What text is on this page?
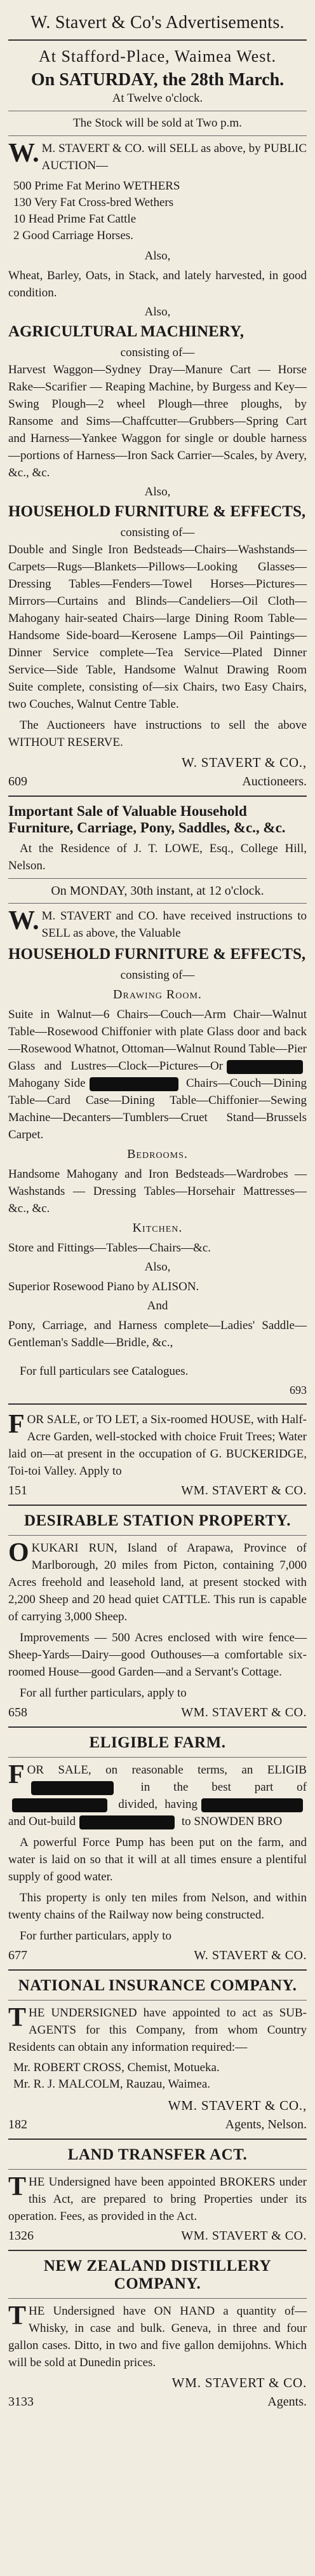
W. Stavert & Co's Advertisements.
At Stafford-Place, Waimea West.
On SATURDAY, the 28th March.
At Twelve o'clock.
The Stock will be sold at Two p.m.

W.M. STAVERT & CO. will SELL as above, by PUBLIC AUCTION—

500 Prime Fat Merino WETHERS
130 Very Fat Cross-bred Wethers
10 Head Prime Fat Cattle
2 Good Carriage Horses.
Also,

Wheat, Barley, Oats, in Stack, and lately harvested, in good condition.

Also,
AGRICULTURAL MACHINERY,
consisting of—

Harvest Waggon—Sydney Dray—Manure Cart — Horse Rake—Scarifier — Reaping Machine, by Burgess and Key—Swing Plough—2 wheel Plough—three ploughs, by Ransome and Sims—Chaffcutter—Grubbers—Spring Cart and Harness—Yankee Waggon for single or double harness—portions of Harness—Iron Sack Carrier—Scales, by Avery, &c., &c.

Also,
HOUSEHOLD FURNITURE & EFFECTS,
consisting of—

Double and Single Iron Bedsteads—Chairs—Washstands—Carpets—Rugs—Blankets—Pillows—Looking Glasses—Dressing Tables—Fenders—Towel Horses—Pictures—Mirrors—Curtains and Blinds—Candeliers—Oil Cloth—Mahogany hair-seated Chairs—large Dining Room Table—Handsome Side-board—Kerosene Lamps—Oil Paintings—Dinner Service complete—Tea Service—Plated Dinner Service—Side Table, Handsome Walnut Drawing Room Suite complete, consisting of—six Chairs, two Easy Chairs, two Couches, Walnut Centre Table.

The Auctioneers have instructions to sell the above WITHOUT RESERVE.

W. STAVERT & CO.,
609	Auctioneers.
Important Sale of Valuable Household Furniture, Carriage, Pony, Saddles, &c., &c.

At the Residence of J. T. LOWE, Esq., College Hill, Nelson.

On MONDAY, 30th instant, at 12 o'clock.

W.M. STAVERT and CO. have received instructions to SELL as above, the Valuable

HOUSEHOLD FURNITURE & EFFECTS,
consisting of—
Drawing Room.

Suite in Walnut—6 Chairs—Couch—Arm Chair—Walnut Table—Rosewood Chiffonier with plate Glass door and back—Rosewood Whatnot, Ottoman—Walnut Round Table—Pier Glass and Lustres—Clock—Pictures—Or Mahogany Side	Chairs—Couch—Dining Table—Card Case—Dining Table—Chiffonier—Sewing Machine—Decanters—Tumblers—Cruet Stand—Brussels Carpet.

Bedrooms.

Handsome Mahogany and Iron Bedsteads—Wardrobes — Washstands — Dressing Tables—Horsehair Mattresses—&c., &c.

Kitchen.

Store and Fittings—Tables—Chairs—&c.

Also,

Superior Rosewood Piano by ALISON.

And

Pony, Carriage, and Harness complete—Ladies' Saddle—Gentleman's Saddle—Bridle, &c.,

For full particulars see Catalogues.

693

FOR SALE, or TO LET, a Six-roomed HOUSE, with Half-Acre Garden, well-stocked with choice Fruit Trees; Water laid on—at present in the occupation of G. BUCKERIDGE, Toi-toi Valley. Apply to

151	WM. STAVERT & CO.
DESIRABLE STATION PROPERTY.

OKUKARI RUN, Island of Arapawa, Province of Marlborough, 20 miles from Picton, containing 7,000 Acres freehold and leasehold land, at present stocked with 2,200 Sheep and 20 head quiet CATTLE. This run is capable of carrying 3,000 Sheep.

Improvements — 500 Acres enclosed with wire fence—Sheep-Yards—Dairy—good Outhouses—a comfortable six-roomed House—good Garden—and a Servant's Cottage.

For all further particulars, apply to

658	WM. STAVERT & CO.
ELIGIBLE FARM.

FOR SALE, on reasonable terms, an ELIGIB in the best part of divided, having and Out-build	to SNOWDEN BRO

A powerful Force Pump has been put on the farm, and water is laid on so that it will at all times ensure a plentiful supply of good water.

This property is only ten miles from Nelson, and within twenty chains of the Railway now being constructed.

For further particulars, apply to

677	W. STAVERT & CO.
NATIONAL INSURANCE COMPANY.

THE UNDERSIGNED have appointed to act as SUB-AGENTS for this Company, from whom Country Residents can obtain any information required:—

Mr. ROBERT CROSS, Chemist, Motueka.
Mr. R. J. MALCOLM, Rauzau, Waimea.
WM. STAVERT & CO.,
182	Agents, Nelson.
LAND TRANSFER ACT.

THE Undersigned have been appointed BROKERS under this Act, are prepared to bring Properties under its operation. Fees, as provided in the Act.

1326	WM. STAVERT & CO.
NEW ZEALAND DISTILLERY COMPANY.

THE Undersigned have ON HAND a quantity of— Whisky, in case and bulk. Geneva, in three and four gallon cases. Ditto, in two and five gallon demijohns. Which will be sold at Dunedin prices.

WM. STAVERT & CO.
3133	Agents.
